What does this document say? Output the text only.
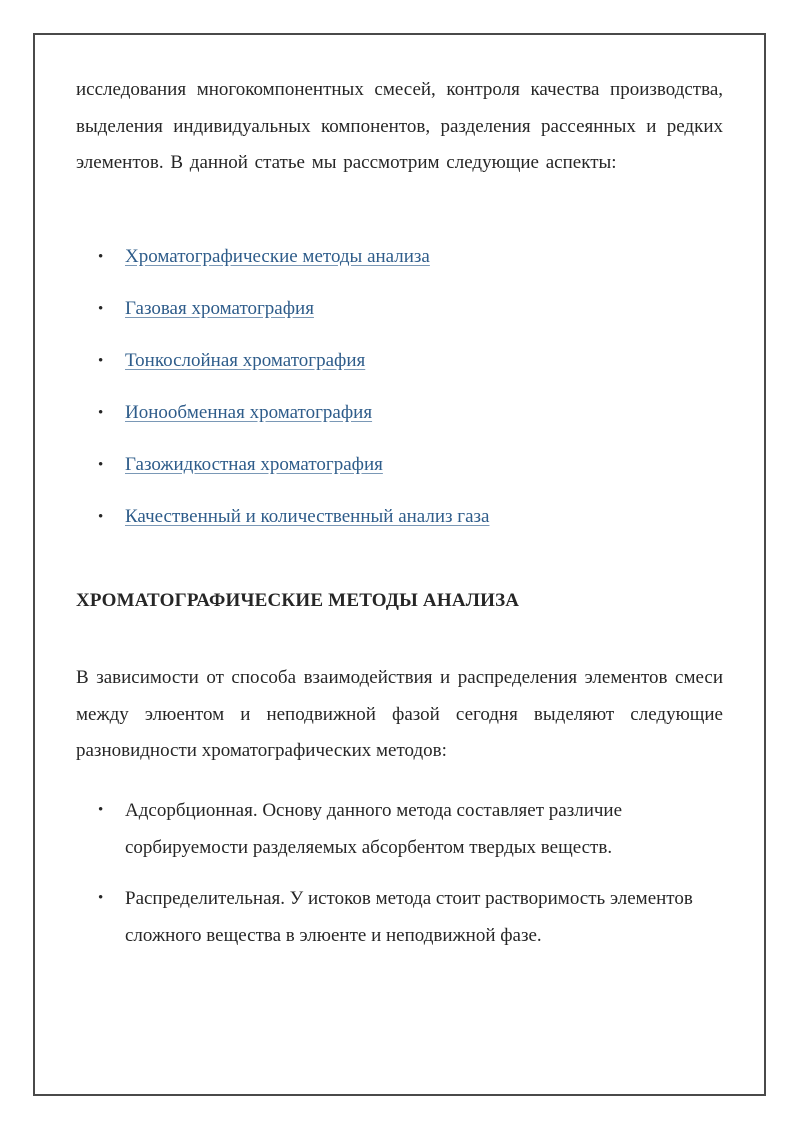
исследования многокомпонентных смесей, контроля качества производства, выделения индивидуальных компонентов, разделения рассеянных и редких элементов. В данной статье мы рассмотрим следующие аспекты:

• Хроматографические методы анализа
• Газовая хроматография
• Тонкослойная хроматография
• Ионообменная хроматография
• Газожидкостная хроматография
• Качественный и количественный анализ газа
ХРОМАТОГРАФИЧЕСКИЕ МЕТОДЫ АНАЛИЗА

В зависимости от способа взаимодействия и распределения элементов смеси между элюентом и неподвижной фазой сегодня выделяют следующие разновидности хроматографических методов:

• Адсорбционная. Основу данного метода составляет различие сорбируемости разделяемых абсорбентом твердых веществ.
• Распределительная. У истоков метода стоит растворимость элементов сложного вещества в элюенте и неподвижной фазе.
